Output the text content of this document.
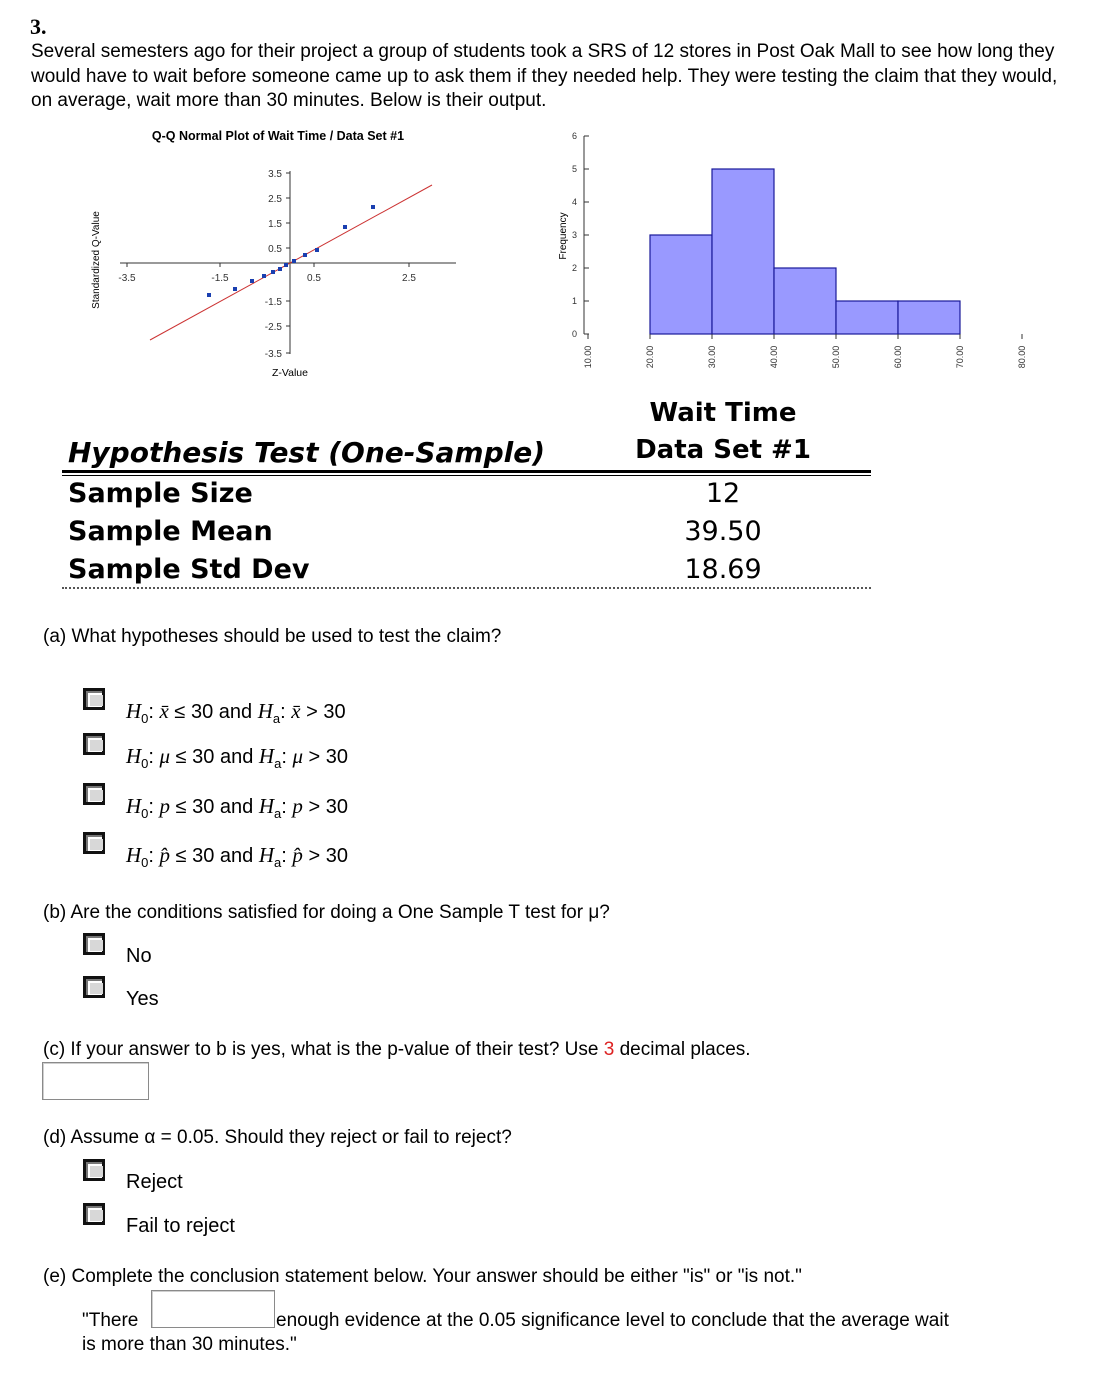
3.
Several semesters ago for their project a group of students took a SRS of 12 stores in Post Oak Mall to see how long they would have to wait before someone came up to ask them if they needed help. They were testing the claim that they would, on average, wait more than 30 minutes. Below is their output.
Q-Q Normal Plot of Wait Time / Data Set #1
Standardized Q-Value
Z-Value
3.5
2.5
1.5
0.5
-1.5
-2.5
-3.5
-3.5	-1.5	0.5	2.5
Frequency
0
1
2
3
4
5
6
10.00	20.00	30.00	40.00	50.00	60.00	70.00	80.00
Wait Time
Data Set #1
Hypothesis Test (One-Sample)
Sample Size	12
Sample Mean	39.50
Sample Std Dev	18.69
(a) What hypotheses should be used to test the claim?
$H_0$: x̄ ≤ 30 and $H_a$: x̄ > 30
$H_0$: μ ≤ 30 and $H_a$: μ > 30
$H_0$: p ≤ 30 and $H_a$: p > 30
$H_0$: p̂ ≤ 30 and $H_a$: p̂ > 30
(b) Are the conditions satisfied for doing a One Sample T test for μ?
No
Yes
(c) If your answer to b is yes, what is the p-value of their test? Use 3 decimal places.
(d) Assume α = 0.05. Should they reject or fail to reject?
Reject
Fail to reject
(e) Complete the conclusion statement below. Your answer should be either "is" or "is not."
"There	enough evidence at the 0.05 significance level to conclude that the average wait
is more than 30 minutes."
